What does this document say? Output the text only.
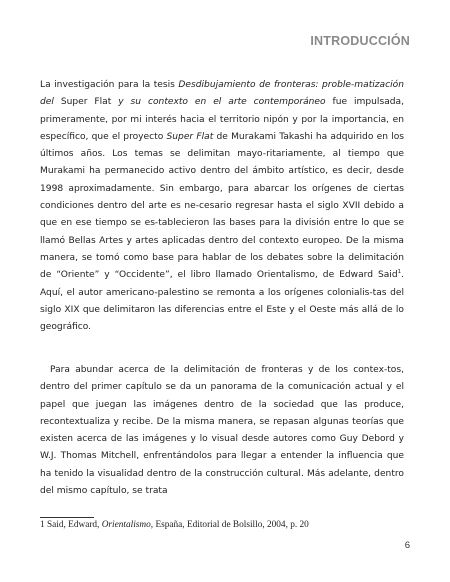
INTRODUCCIÓN

La investigación para la tesis Desdibujamiento de fronteras: proble-matización del Super Flat y su contexto en el arte contemporáneo fue impulsada, primeramente, por mi interés hacia el territorio nipón y por la importancia, en específico, que el proyecto Super Flat de Murakami Takashi ha adquirido en los últimos años. Los temas se delimitan mayo-ritariamente, al tiempo que Murakami ha permanecido activo dentro del ámbito artístico, es decir, desde 1998 aproximadamente. Sin embargo, para abarcar los orígenes de ciertas condiciones dentro del arte es ne-cesario regresar hasta el siglo XVII debido a que en ese tiempo se es-tablecieron las bases para la división entre lo que se llamó Bellas Artes y artes aplicadas dentro del contexto europeo. De la misma manera, se tomó como base para hablar de los debates sobre la delimitación de “Oriente” y “Occidente”, el libro llamado Orientalismo, de Edward Said$^1$. Aquí, el autor americano-palestino se remonta a los orígenes colonialis-tas del siglo XIX que delimitaron las diferencias entre el Este y el Oeste más allá de lo geográfico.

Para abundar acerca de la delimitación de fronteras y de los contex-tos, dentro del primer capítulo se da un panorama de la comunicación actual y el papel que juegan las imágenes dentro de la sociedad que las produce, recontextualiza y recibe. De la misma manera, se repasan algunas teorías que existen acerca de las imágenes y lo visual desde autores como Guy Debord y W.J. Thomas Mitchell, enfrentándolos para llegar a entender la influencia que ha tenido la visualidad dentro de la construcción cultural. Más adelante, dentro del mismo capítulo, se trata

1 Said, Edward, Orientalismo, España, Editorial de Bolsillo, 2004, p. 20
6
